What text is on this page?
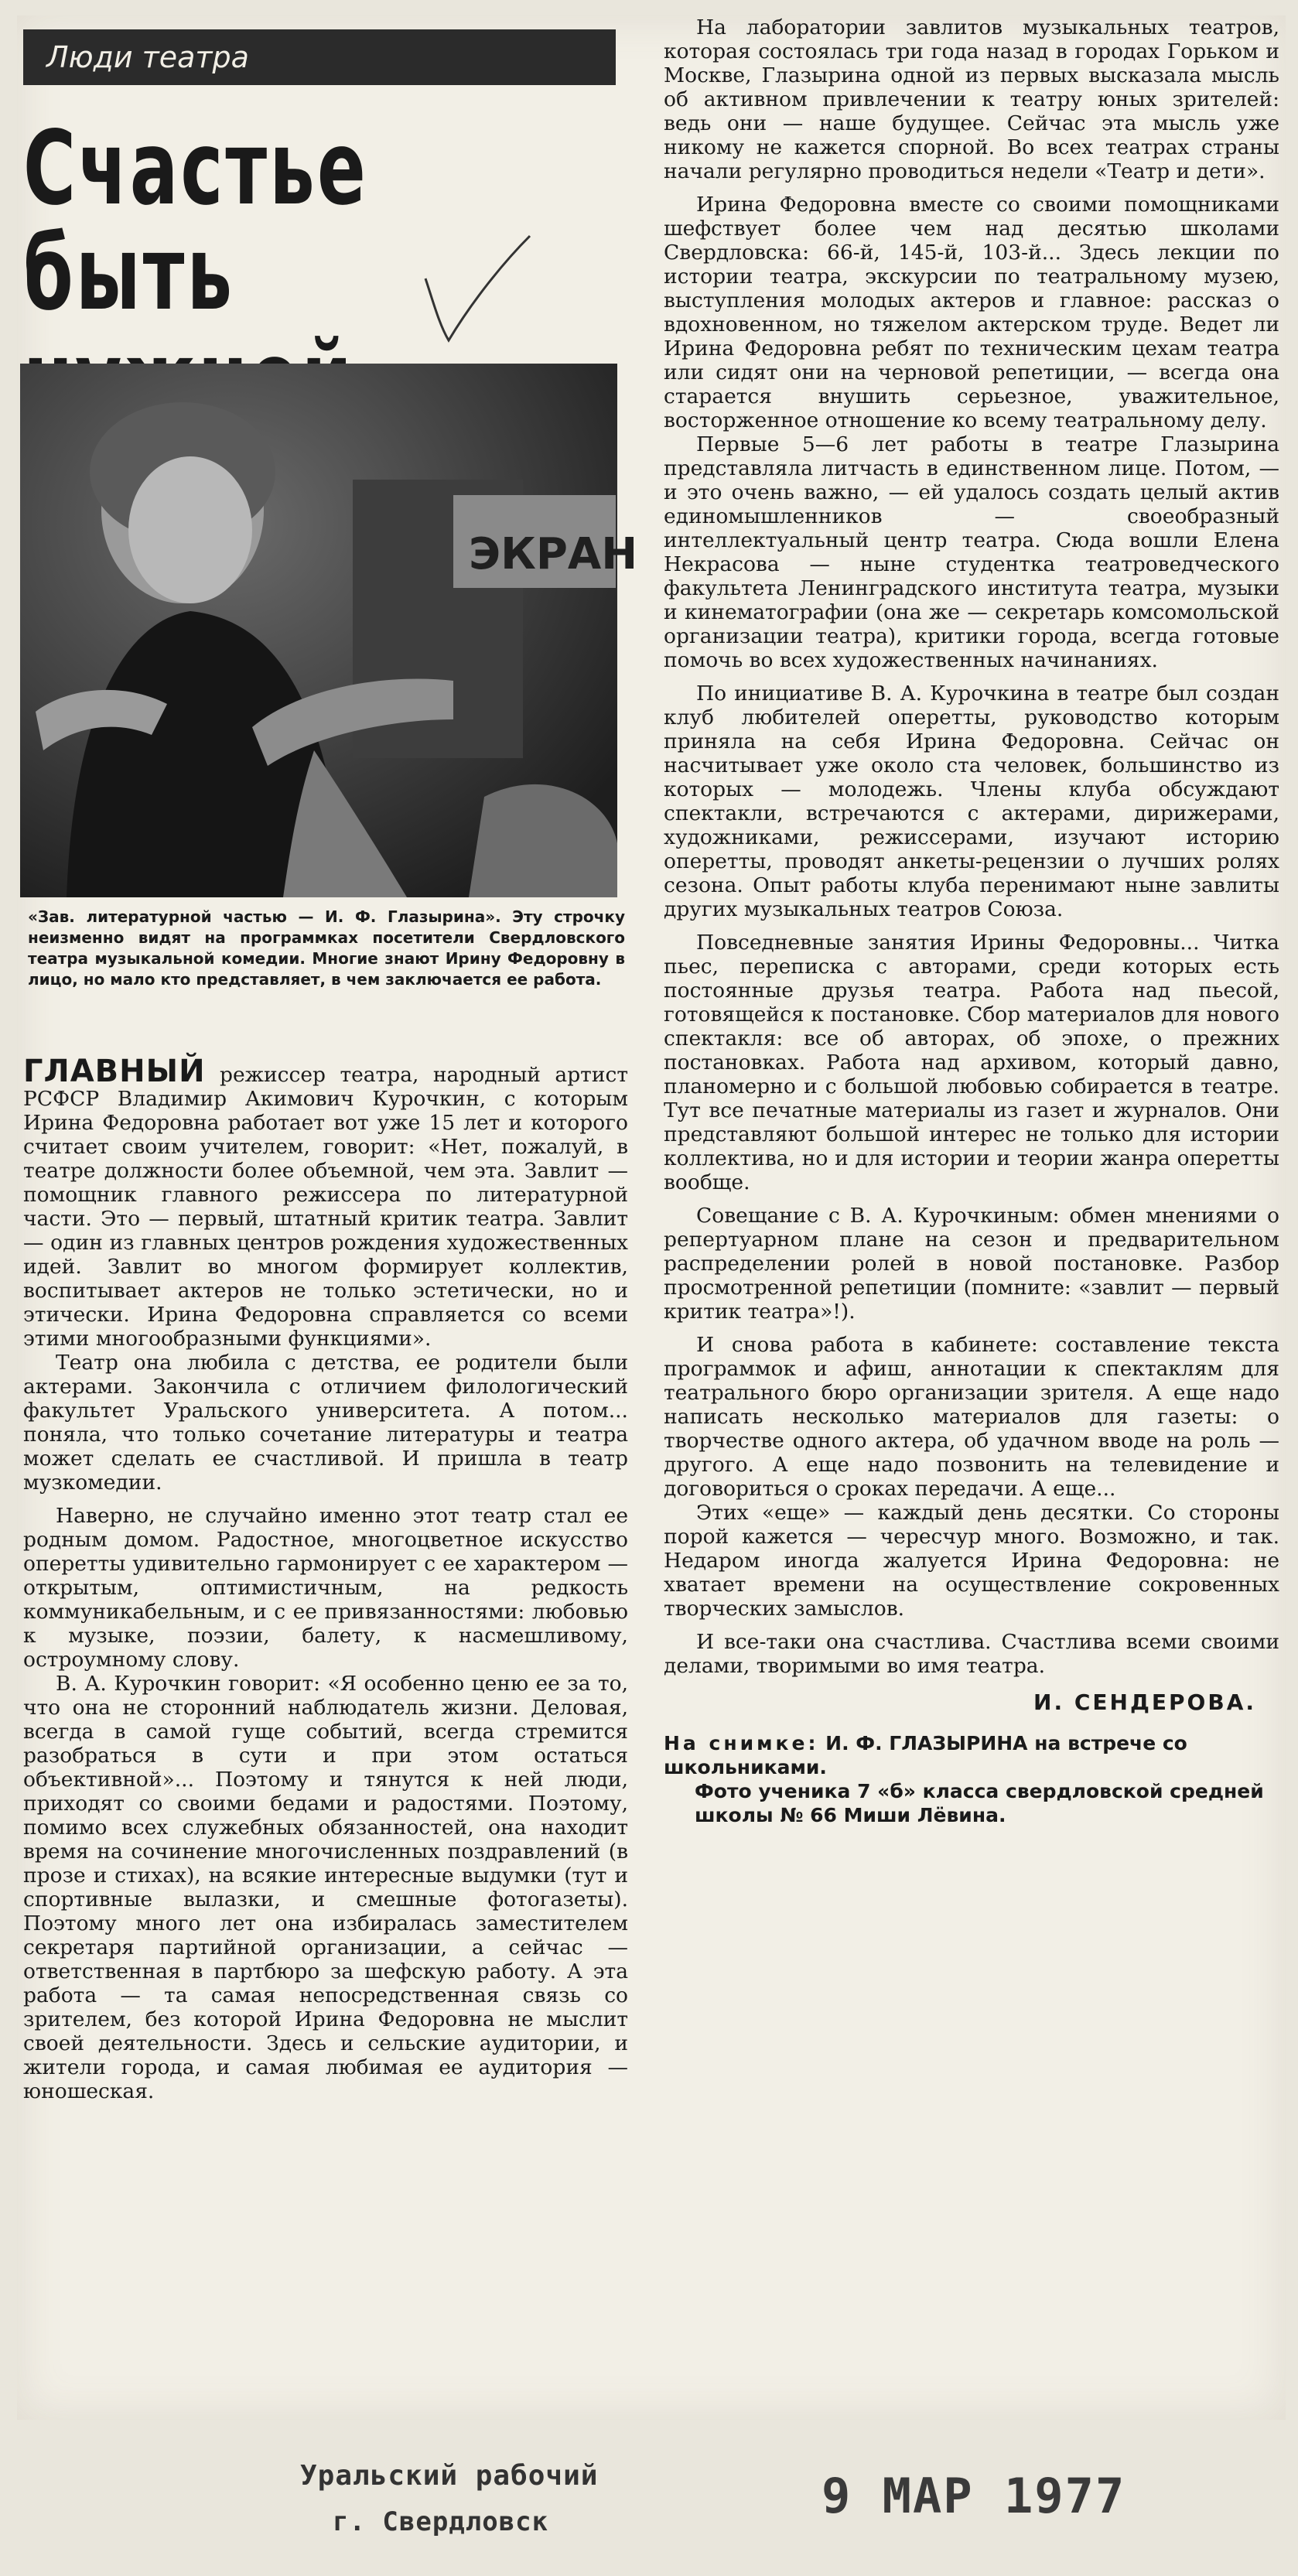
Люди театра
Счастье быть
ЭКРАН
«Зав. литературной частью — И. Ф. Глазырина». Эту строчку неизменно видят на программках посетители Свердловского театра музыкальной комедии. Многие знают Ирину Федоровну в лицо, но мало кто представляет, в чем заключается ее работа.

ГЛАВНЫЙ режиссер театра, народный артист РСФСР Владимир Акимович Курочкин, с которым Ирина Федоровна работает вот уже 15 лет и которого считает своим учителем, говорит: «Нет, пожалуй, в театре должности более объемной, чем эта. Завлит — помощник главного режиссера по литературной части. Это — первый, штатный критик театра. Завлит — один из главных центров рождения художественных идей. Завлит во многом формирует коллектив, воспитывает актеров не только эстетически, но и этически. Ирина Федоровна справляется со всеми этими многообразными функциями».

Театр она любила с детства, ее родители были актерами. Закончила с отличием филологический факультет Уральского университета. А потом... поняла, что только сочетание литературы и театра может сделать ее счастливой. И пришла в театр музкомедии.

Наверно, не случайно именно этот театр стал ее родным домом. Радостное, многоцветное искусство оперетты удивительно гармонирует с ее характером — открытым, оптимистичным, на редкость коммуникабельным, и с ее привязанностями: любовью к музыке, поэзии, балету, к насмешливому, остроумному слову.

В. А. Курочкин говорит: «Я особенно ценю ее за то, что она не сторонний наблюдатель жизни. Деловая, всегда в самой гуще событий, всегда стремится разобраться в сути и при этом остаться объективной»... Поэтому и тянутся к ней люди, приходят со своими бедами и радостями. Поэтому, помимо всех служебных обязанностей, она находит время на сочинение многочисленных поздравлений (в прозе и стихах), на всякие интересные выдумки (тут и спортивные вылазки, и смешные фотогазеты). Поэтому много лет она избиралась заместителем секретаря партийной организации, а сейчас — ответственная в партбюро за шефскую работу. А эта работа — та самая непосредственная связь со зрителем, без которой Ирина Федоровна не мыслит своей деятельности. Здесь и сельские аудитории, и жители города, и самая любимая ее аудитория — юношеская.

На лаборатории завлитов музыкальных театров, которая состоялась три года назад в городах Горьком и Москве, Глазырина одной из первых высказала мысль об активном привлечении к театру юных зрителей: ведь они — наше будущее. Сейчас эта мысль уже никому не кажется спорной. Во всех театрах страны начали регулярно проводиться недели «Театр и дети».

Ирина Федоровна вместе со своими помощниками шефствует более чем над десятью школами Свердловска: 66-й, 145-й, 103-й... Здесь лекции по истории театра, экскурсии по театральному музею, выступления молодых актеров и главное: рассказ о вдохновенном, но тяжелом актерском труде. Ведет ли Ирина Федоровна ребят по техническим цехам театра или сидят они на черновой репетиции, — всегда она старается внушить серьезное, уважительное, восторженное отношение ко всему театральному делу.

Первые 5—6 лет работы в театре Глазырина представляла литчасть в единственном лице. Потом, — и это очень важно, — ей удалось создать целый актив единомышленников — своеобразный интеллектуальный центр театра. Сюда вошли Елена Некрасова — ныне студентка театроведческого факультета Ленинградского института театра, музыки и кинематографии (она же — секретарь комсомольской организации театра), критики города, всегда готовые помочь во всех художественных начинаниях.

По инициативе В. А. Курочкина в театре был создан клуб любителей оперетты, руководство которым приняла на себя Ирина Федоровна. Сейчас он насчитывает уже около ста человек, большинство из которых — молодежь. Члены клуба обсуждают спектакли, встречаются с актерами, дирижерами, художниками, режиссерами, изучают историю оперетты, проводят анкеты-рецензии о лучших ролях сезона. Опыт работы клуба перенимают ныне завлиты других музыкальных театров Союза.

Повседневные занятия Ирины Федоровны... Читка пьес, переписка с авторами, среди которых есть постоянные друзья театра. Работа над пьесой, готовящейся к постановке. Сбор материалов для нового спектакля: все об авторах, об эпохе, о прежних постановках. Работа над архивом, который давно, планомерно и с большой любовью собирается в театре. Тут все печатные материалы из газет и журналов. Они представляют большой интерес не только для истории коллектива, но и для истории и теории жанра оперетты вообще.

Совещание с В. А. Курочкиным: обмен мнениями о репертуарном плане на сезон и предварительном распределении ролей в новой постановке. Разбор просмотренной репетиции (помните: «завлит — первый критик театра»!).

И снова работа в кабинете: составление текста программок и афиш, аннотации к спектаклям для театрального бюро организации зрителя. А еще надо написать несколько материалов для газеты: о творчестве одного актера, об удачном вводе на роль — другого. А еще надо позвонить на телевидение и договориться о сроках передачи. А еще...

Этих «еще» — каждый день десятки. Со стороны порой кажется — чересчур много. Возможно, и так. Недаром иногда жалуется Ирина Федоровна: не хватает времени на осуществление сокровенных творческих замыслов.

И все-таки она счастлива. Счастлива всеми своими делами, творимыми во имя театра.

И. СЕНДЕРОВА.
На снимке: И. Ф. ГЛАЗЫРИНА на встрече со школьниками.
Фото ученика 7 «б» класса свердловской средней школы № 66 Миши Лёвина.
Уральский рабочий
г. Свердловск	9 МАР 1977
